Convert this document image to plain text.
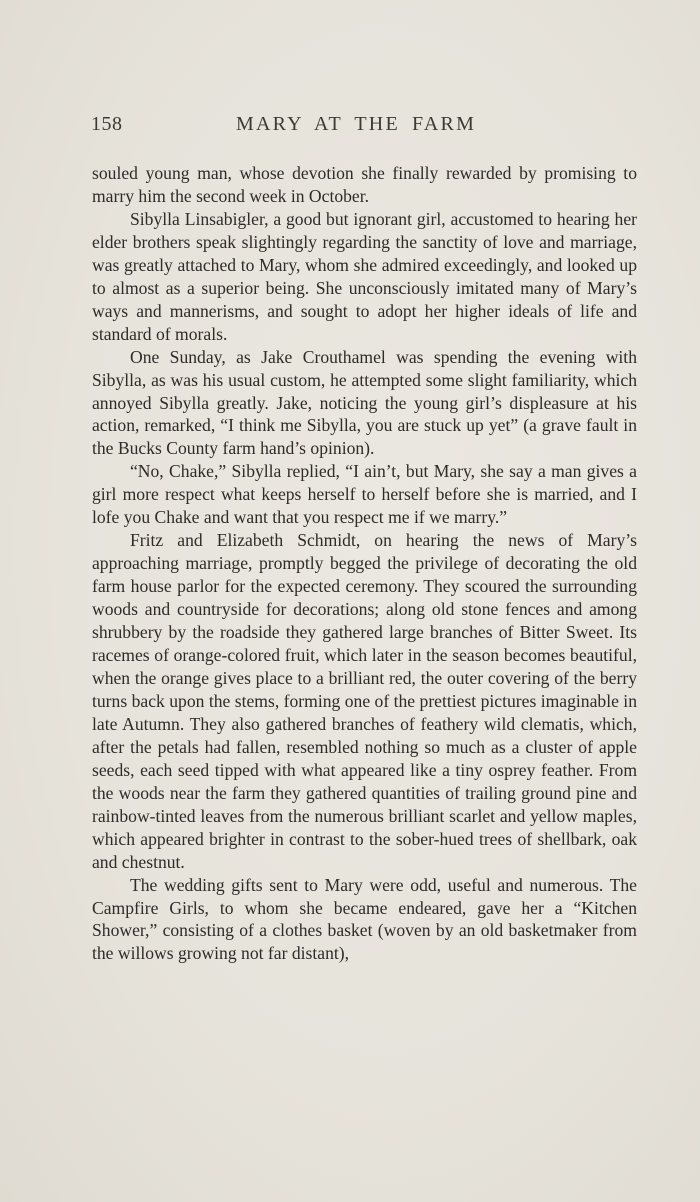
158	MARY AT THE FARM

souled young man, whose devotion she finally rewarded by promising to marry him the second week in October.

Sibylla Linsabigler, a good but ignorant girl, accustomed to hearing her elder brothers speak slightingly regarding the sanctity of love and marriage, was greatly attached to Mary, whom she admired exceedingly, and looked up to almost as a superior being. She unconsciously imitated many of Mary’s ways and mannerisms, and sought to adopt her higher ideals of life and standard of morals.

One Sunday, as Jake Crouthamel was spending the evening with Sibylla, as was his usual custom, he attempted some slight familiarity, which annoyed Sibylla greatly. Jake, noticing the young girl’s displeasure at his action, remarked, “I think me Sibylla, you are stuck up yet” (a grave fault in the Bucks County farm hand’s opinion).

“No, Chake,” Sibylla replied, “I ain’t, but Mary, she say a man gives a girl more respect what keeps herself to herself before she is married, and I lofe you Chake and want that you respect me if we marry.”

Fritz and Elizabeth Schmidt, on hearing the news of Mary’s approaching marriage, promptly begged the privilege of decorating the old farm house parlor for the expected ceremony. They scoured the surrounding woods and countryside for decorations; along old stone fences and among shrubbery by the roadside they gathered large branches of Bitter Sweet. Its racemes of orange-colored fruit, which later in the season becomes beautiful, when the orange gives place to a brilliant red, the outer covering of the berry turns back upon the stems, forming one of the prettiest pictures imaginable in late Autumn. They also gathered branches of feathery wild clematis, which, after the petals had fallen, resembled nothing so much as a cluster of apple seeds, each seed tipped with what appeared like a tiny osprey feather. From the woods near the farm they gathered quantities of trailing ground pine and rainbow-tinted leaves from the numerous brilliant scarlet and yellow maples, which appeared brighter in contrast to the sober-hued trees of shellbark, oak and chestnut.

The wedding gifts sent to Mary were odd, useful and numerous. The Campfire Girls, to whom she became endeared, gave her a “Kitchen Shower,” consisting of a clothes basket (woven by an old basketmaker from the willows growing not far distant),
